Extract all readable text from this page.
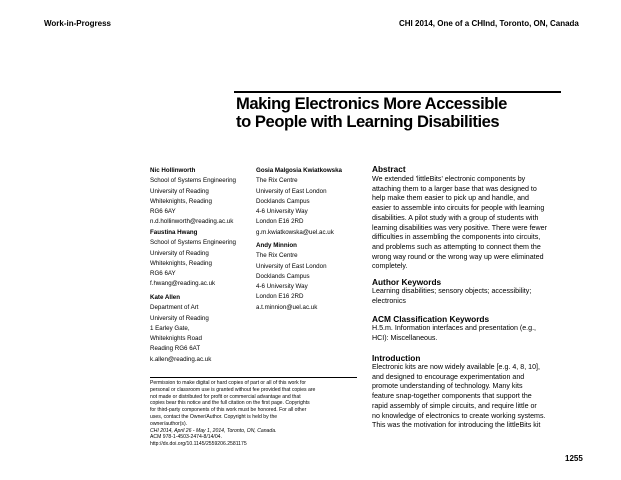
Work-in-Progress	CHI 2014, One of a CHInd, Toronto, ON, Canada
Making Electronics More Accessible
to People with Learning Disabilities
Nic Hollinworth
School of Systems Engineering
University of Reading
Whiteknights, Reading
RG6 6AY
n.d.hollinworth@reading.ac.uk
Faustina Hwang
School of Systems Engineering
University of Reading
Whiteknights, Reading
RG6 6AY
f.hwang@reading.ac.uk
Kate Allen
Department of Art
University of Reading
1 Earley Gate,
Whiteknights Road
Reading RG6 6AT
k.allen@reading.ac.uk
Gosia Malgosia Kwiatkowska
The Rix Centre
University of East London
Docklands Campus
4-6 University Way
London E16 2RD
g.m.kwiatkowska@uel.ac.uk
Andy Minnion
The Rix Centre
University of East London
Docklands Campus
4-6 University Way
London E16 2RD
a.t.minnion@uel.ac.uk
Abstract
We extended 'littleBits' electronic components by
attaching them to a larger base that was designed to
help make them easier to pick up and handle, and
easier to assemble into circuits for people with learning
disabilities. A pilot study with a group of students with
learning disabilities was very positive. There were fewer
difficulties in assembling the components into circuits,
and problems such as attempting to connect them the
wrong way round or the wrong way up were eliminated
completely.
Author Keywords
Learning disabilities; sensory objects; accessibility;
electronics
ACM Classification Keywords
H.5.m. Information interfaces and presentation (e.g.,
HCI): Miscellaneous.
Introduction
Electronic kits are now widely available [e.g. 4, 8, 10],
and designed to encourage experimentation and
promote understanding of technology. Many kits
feature snap-together components that support the
rapid assembly of simple circuits, and require little or
no knowledge of electronics to create working systems.
This was the motivation for introducing the littleBits kit
Permission to make digital or hard copies of part or all of this work for
personal or classroom use is granted without fee provided that copies are
not made or distributed for profit or commercial advantage and that
copies bear this notice and the full citation on the first page. Copyrights
for third-party components of this work must be honored. For all other
uses, contact the Owner/Author. Copyright is held by the
owner/author(s).
CHI 2014, April 26 - May 1, 2014, Toronto, ON, Canada.
ACM 978-1-4503-2474-8/14/04.
http://dx.doi.org/10.1145/2559206.2581175
1255
